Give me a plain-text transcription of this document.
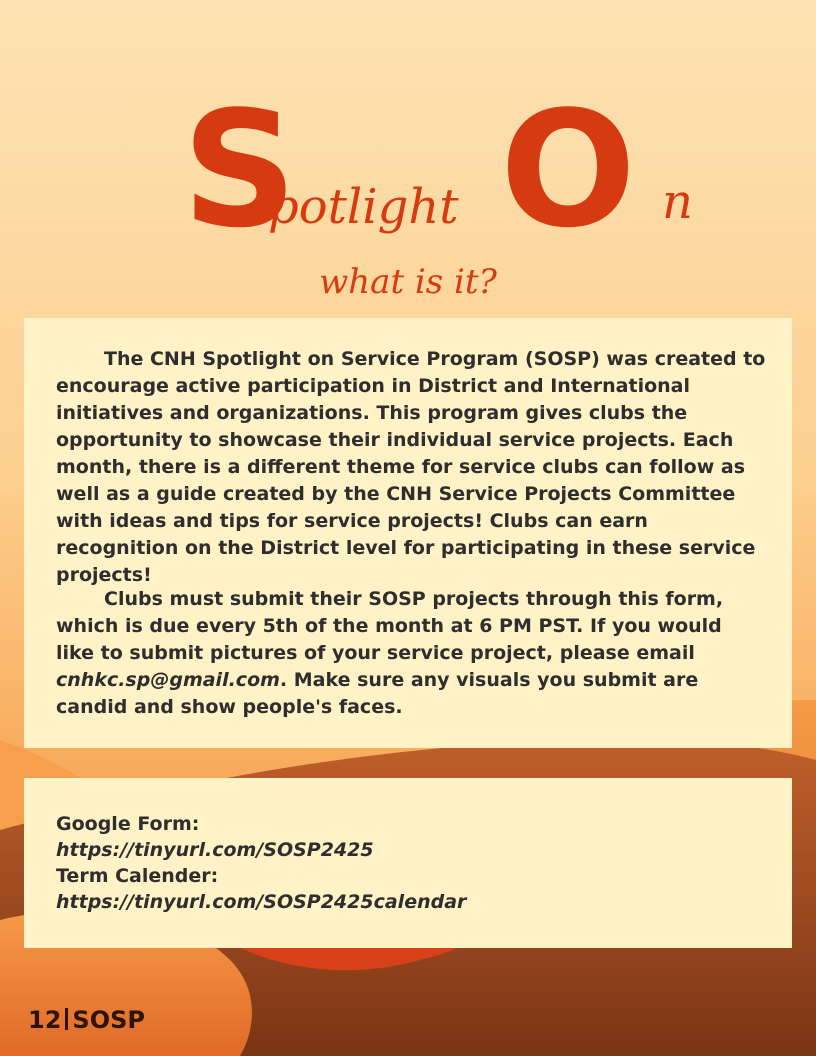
S
potlight O n
what is it?

The CNH Spotlight on Service Program (SOSP) was created to encourage active participation in District and International initiatives and organizations. This program gives clubs the opportunity to showcase their individual service projects. Each month, there is a different theme for service clubs can follow as well as a guide created by the CNH Service Projects Committee with ideas and tips for service projects! Clubs can earn recognition on the District level for participating in these service projects!

Clubs must submit their SOSP projects through this form, which is due every 5th of the month at 6 PM PST. If you would like to submit pictures of your service project, please email cnhkc.sp@gmail.com. Make sure any visuals you submit are candid and show people's faces.

Google Form:
https://tinyurl.com/SOSP2425
Term Calender:
https://tinyurl.com/SOSP2425calendar
12 SOSP
